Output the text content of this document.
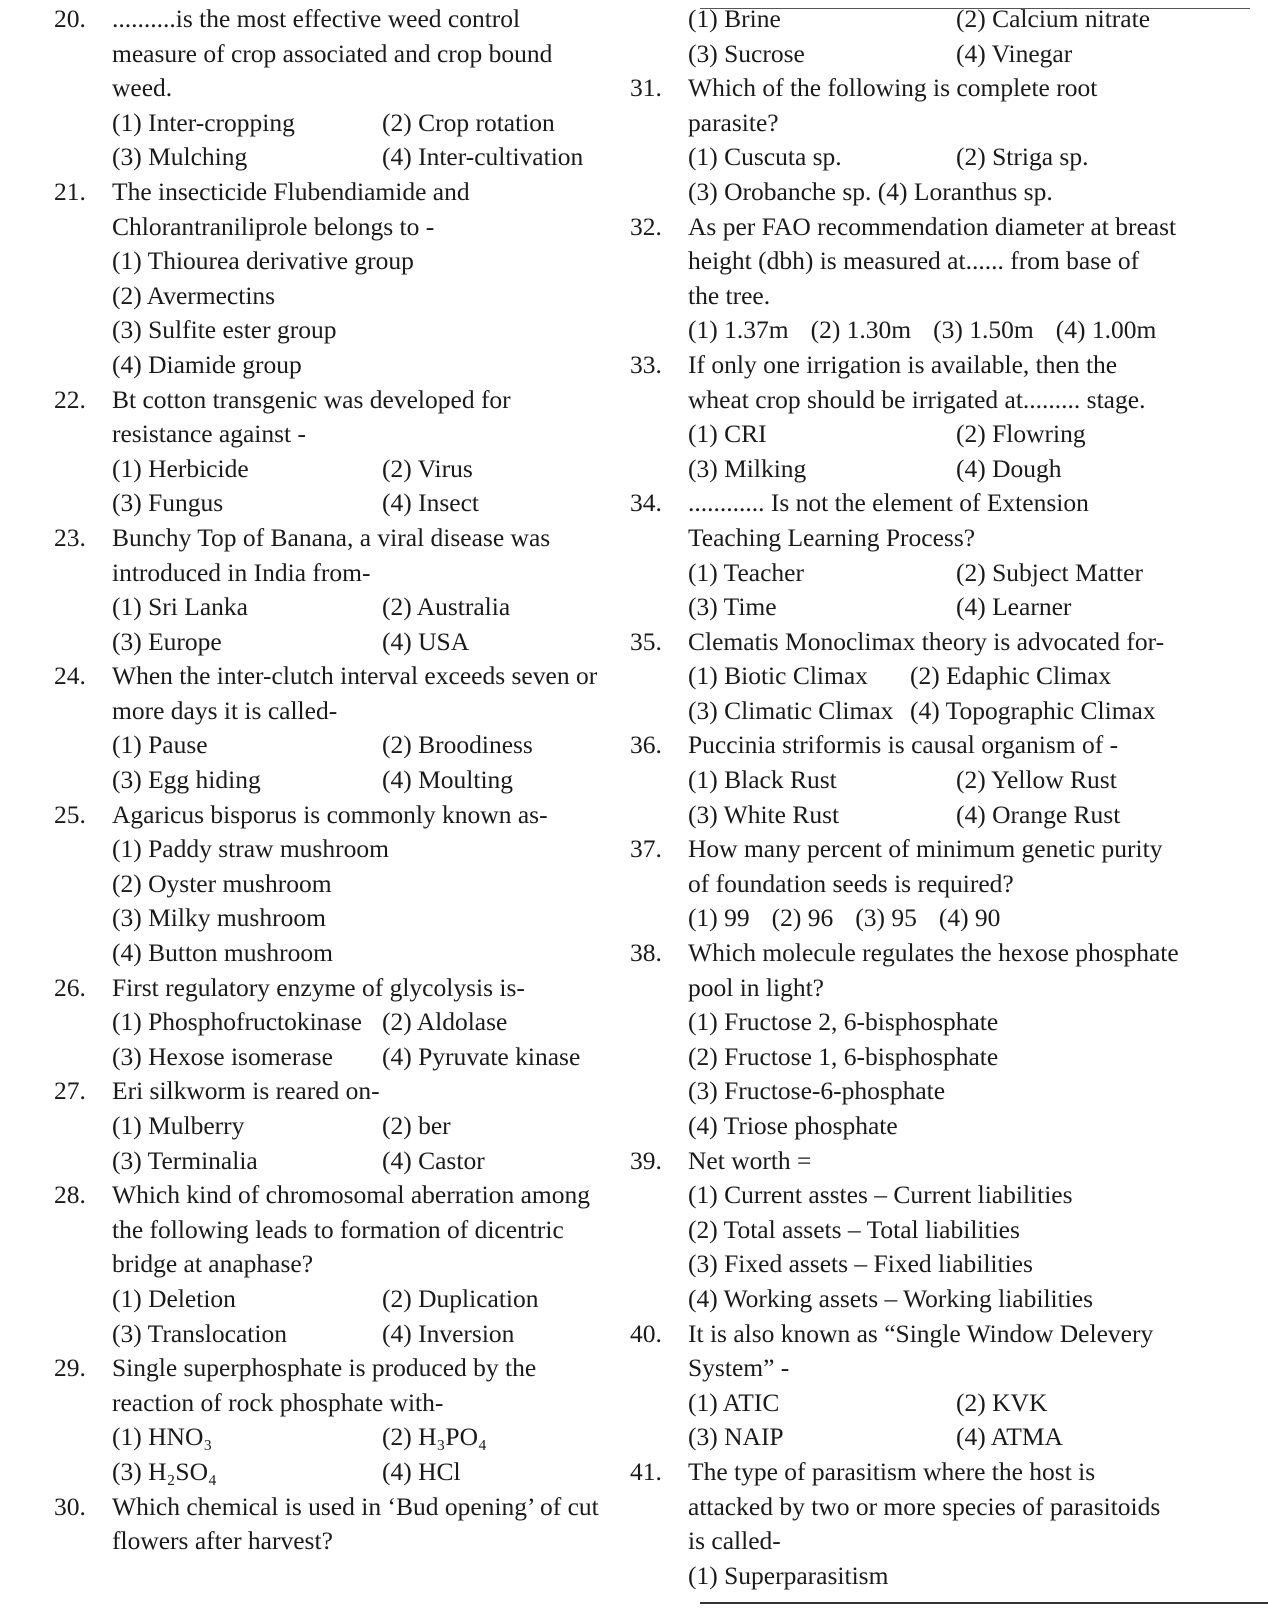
20. ..........is the most effective weed control
measure of crop associated and crop bound
weed.
(1) Inter-cropping	(2) Crop rotation
(3) Mulching	(4) Inter-cultivation
21. The insecticide Flubendiamide and
Chlorantraniliprole belongs to -
(1) Thiourea derivative group
(2) Avermectins
(3) Sulfite ester group
(4) Diamide group
22. Bt cotton transgenic was developed for
resistance against -
(1) Herbicide	(2) Virus
(3) Fungus	(4) Insect
23. Bunchy Top of Banana, a viral disease was
introduced in India from-
(1) Sri Lanka	(2) Australia
(3) Europe	(4) USA
24. When the inter-clutch interval exceeds seven or
more days it is called-
(1) Pause	(2) Broodiness
(3) Egg hiding	(4) Moulting
25. Agaricus bisporus is commonly known as-
(1) Paddy straw mushroom
(2) Oyster mushroom
(3) Milky mushroom
(4) Button mushroom
26. First regulatory enzyme of glycolysis is-
(1) Phosphofructokinase (2) Aldolase
(3) Hexose isomerase	(4) Pyruvate kinase
27. Eri silkworm is reared on-
(1) Mulberry	(2) ber
(3) Terminalia	(4) Castor
28. Which kind of chromosomal aberration among
the following leads to formation of dicentric
bridge at anaphase?
(1) Deletion	(2) Duplication
(3) Translocation	(4) Inversion
29. Single superphosphate is produced by the
reaction of rock phosphate with-
(1) HNO₃	(2) H₃PO₄
(3) H₂SO₄	(4) HCl
30. Which chemical is used in ‘Bud opening’ of cut
flowers after harvest?
(1) Brine	(2) Calcium nitrate
(3) Sucrose	(4) Vinegar
31. Which of the following is complete root
parasite?
(1) Cuscuta sp.	(2) Striga sp.
(3) Orobanche sp. (4) Loranthus sp.
32. As per FAO recommendation diameter at breast
height (dbh) is measured at...... from base of
the tree.
(1) 1.37m (2) 1.30m (3) 1.50m (4) 1.00m
33. If only one irrigation is available, then the
wheat crop should be irrigated at......... stage.
(1) CRI	(2) Flowring
(3) Milking	(4) Dough
34. ............ Is not the element of Extension
Teaching Learning Process?
(1) Teacher	(2) Subject Matter
(3) Time	(4) Learner
35. Clematis Monoclimax theory is advocated for-
(1) Biotic Climax	(2) Edaphic Climax
(3) Climatic Climax (4) Topographic Climax
36. Puccinia striformis is causal organism of -
(1) Black Rust	(2) Yellow Rust
(3) White Rust	(4) Orange Rust
37. How many percent of minimum genetic purity
of foundation seeds is required?
(1) 99 (2) 96 (3) 95 (4) 90
38. Which molecule regulates the hexose phosphate
pool in light?
(1) Fructose 2, 6-bisphosphate
(2) Fructose 1, 6-bisphosphate
(3) Fructose-6-phosphate
(4) Triose phosphate
39. Net worth =
(1) Current asstes – Current liabilities
(2) Total assets – Total liabilities
(3) Fixed assets – Fixed liabilities
(4) Working assets – Working liabilities
40. It is also known as “Single Window Delevery
System” -
(1) ATIC	(2) KVK
(3) NAIP	(4) ATMA
41. The type of parasitism where the host is
attacked by two or more species of parasitoids
is called-
(1) Superparasitism
